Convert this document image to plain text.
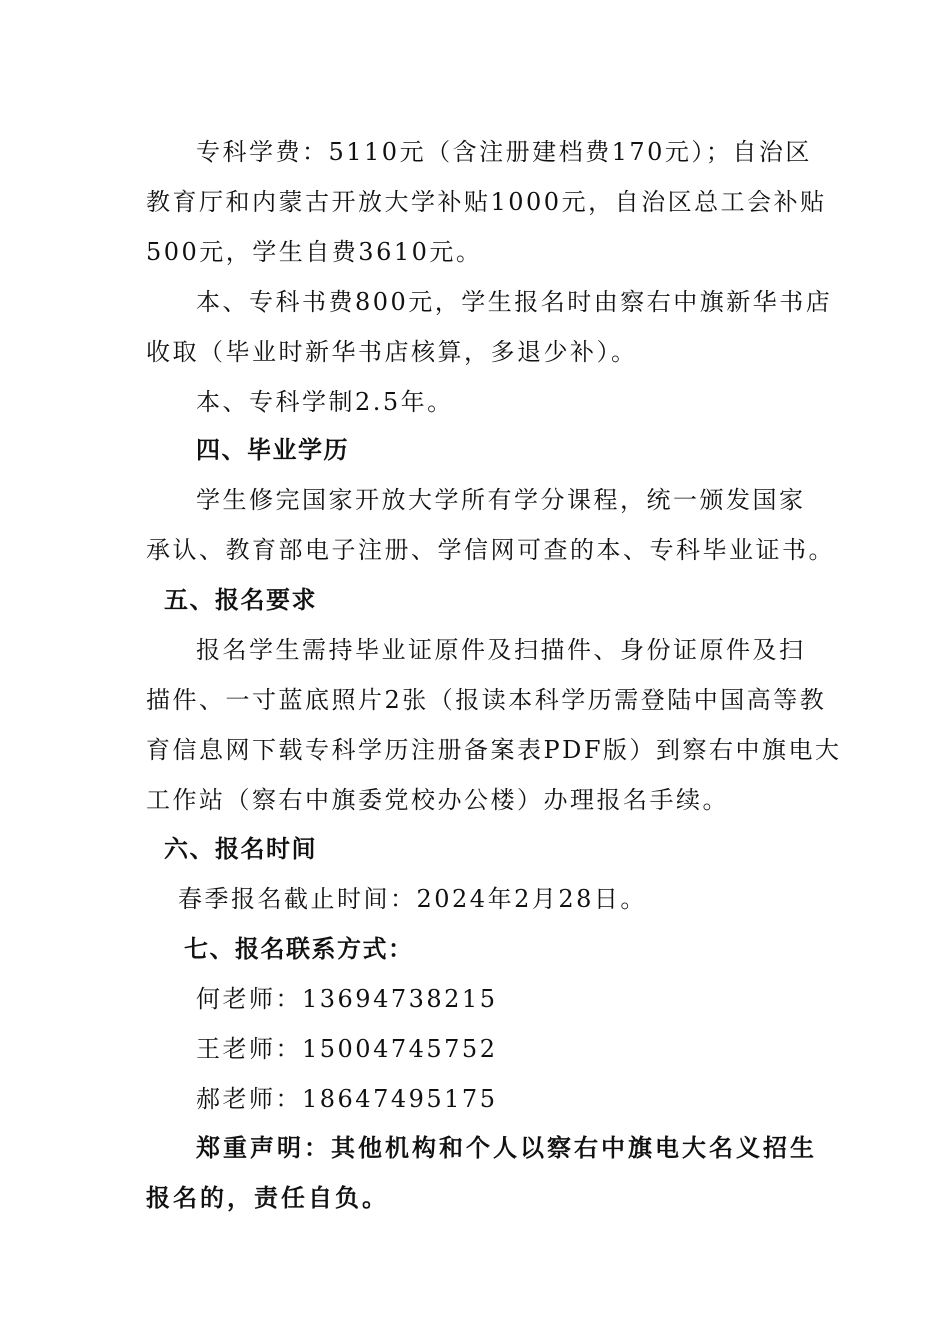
专科学费：5110元（含注册建档费170元）；自治区
教育厅和内蒙古开放大学补贴1000元，自治区总工会补贴
500元，学生自费3610元。
本、专科书费800元，学生报名时由察右中旗新华书店
收取（毕业时新华书店核算，多退少补）。
本、专科学制2.5年。
四、毕业学历
学生修完国家开放大学所有学分课程，统一颁发国家
承认、教育部电子注册、学信网可查的本、专科毕业证书。
五、报名要求
报名学生需持毕业证原件及扫描件、身份证原件及扫
描件、一寸蓝底照片2张（报读本科学历需登陆中国高等教
育信息网下载专科学历注册备案表PDF版）到察右中旗电大
工作站（察右中旗委党校办公楼）办理报名手续。
六、报名时间
春季报名截止时间：2024年2月28日。
七、报名联系方式：
何老师：13694738215
王老师：15004745752
郝老师：18647495175
郑重声明：其他机构和个人以察右中旗电大名义招生
报名的，责任自负。
